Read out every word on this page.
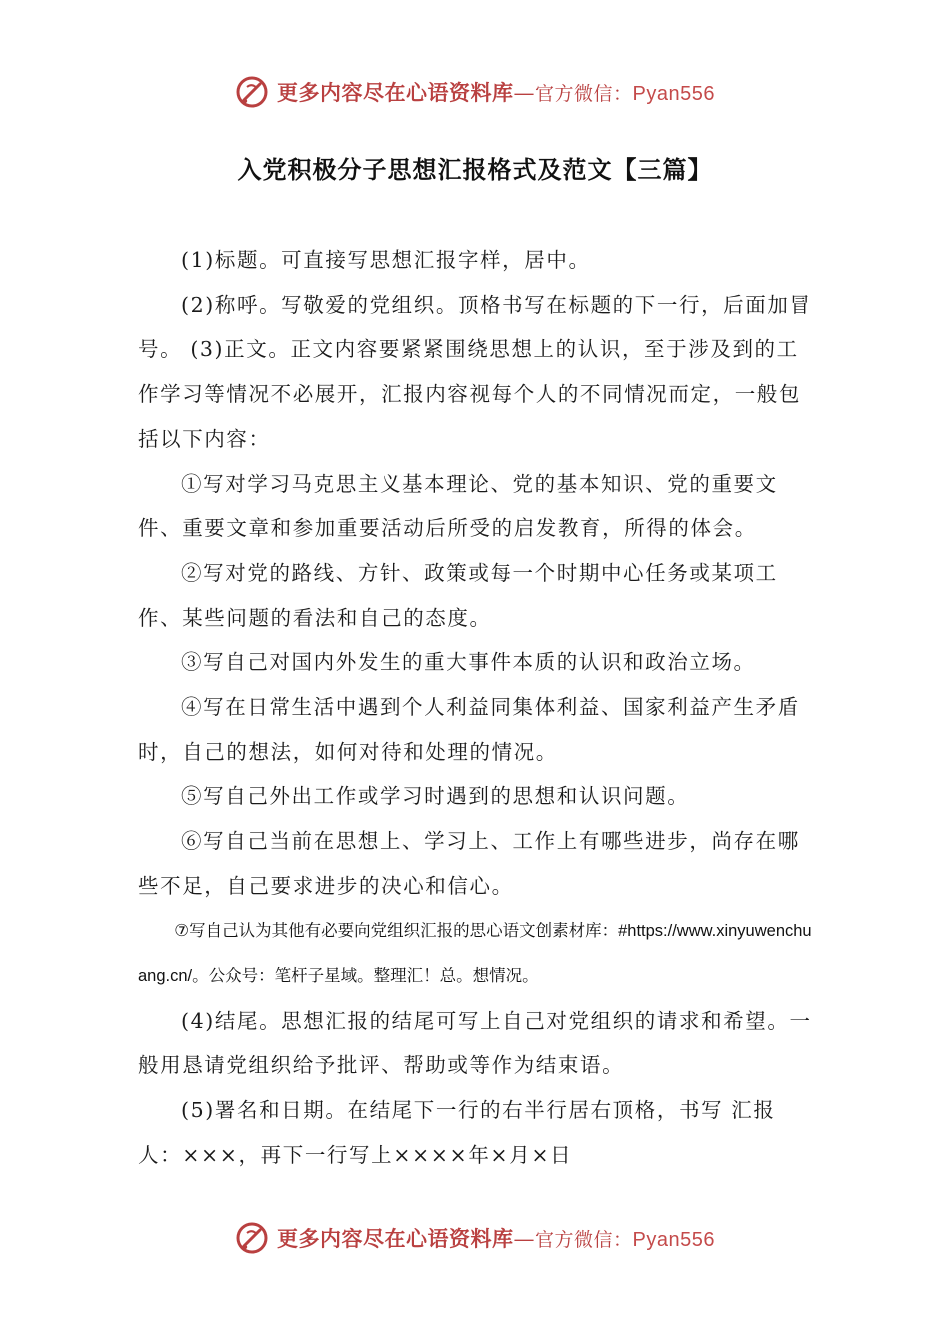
更多内容尽在心语资料库—官方微信：Pyan556
入党积极分子思想汇报格式及范文【三篇】

(1)标题。可直接写思想汇报字样，居中。

(2)称呼。写敬爱的党组织。顶格书写在标题的下一行，后面加冒号。 (3)正文。正文内容要紧紧围绕思想上的认识，至于涉及到的工作学习等情况不必展开，汇报内容视每个人的不同情况而定，一般包括以下内容：

①写对学习马克思主义基本理论、党的基本知识、党的重要文件、重要文章和参加重要活动后所受的启发教育，所得的体会。

②写对党的路线、方针、政策或每一个时期中心任务或某项工作、某些问题的看法和自己的态度。

③写自己对国内外发生的重大事件本质的认识和政治立场。

④写在日常生活中遇到个人利益同集体利益、国家利益产生矛盾时，自己的想法，如何对待和处理的情况。

⑤写自己外出工作或学习时遇到的思想和认识问题。

⑥写自己当前在思想上、学习上、工作上有哪些进步，尚存在哪些不足，自己要求进步的决心和信心。

⑦写自己认为其他有必要向党组织汇报的思心语文创素材库：#https://www.xinyuwenchuang.cn/。公众号：笔杆子星域。整理汇！总。想情况。

(4)结尾。思想汇报的结尾可写上自己对党组织的请求和希望。一般用恳请党组织给予批评、帮助或等作为结束语。

(5)署名和日期。在结尾下一行的右半行居右顶格，书写 汇报人：×××，再下一行写上××××年×月×日

更多内容尽在心语资料库—官方微信：Pyan556
